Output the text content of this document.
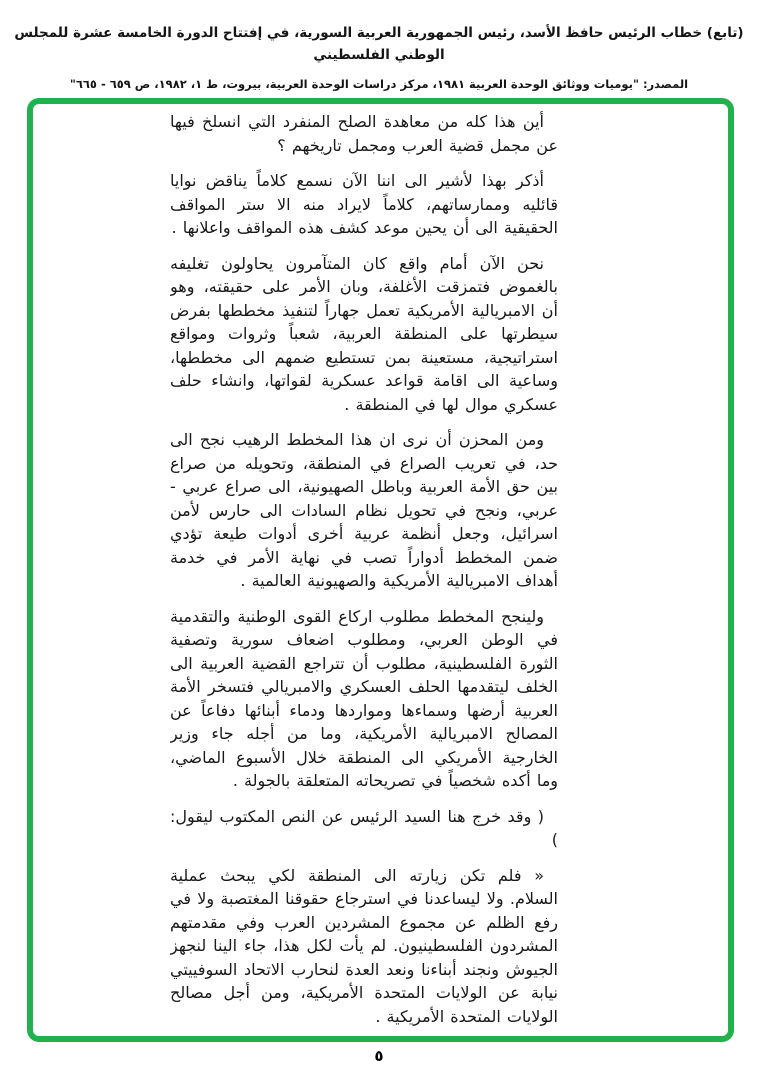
(تابع) خطاب الرئيس حافظ الأسد، رئيس الجمهورية العربية السورية، في إفتتاح الدورة الخامسة عشرة للمجلس الوطني الفلسطيني
المصدر: "يوميات ووثائق الوحدة العربية ١٩٨١، مركز دراسات الوحدة العربية، بيروت، ط ١، ١٩٨٢، ص ٦٥٩ - ٦٦٥"

أين هذا كله من معاهدة الصلح المنفرد التي انسلخ فيها عن مجمل قضية العرب ومجمل تاريخهم ؟

أذكر بهذا لأشير الى اننا الآن نسمع كلاماً يناقض نوايا قائليه وممارساتهم، كلاماً لايراد منه الا ستر المواقف الحقيقية الى أن يحين موعد كشف هذه المواقف واعلانها .

نحن الآن أمام واقع كان المتآمرون يحاولون تغليفه بالغموض فتمزقت الأغلفة، وبان الأمر على حقيقته، وهو أن الامبريالية الأمريكية تعمل جهاراً لتنفيذ مخططها بفرض سيطرتها على المنطقة العربية، شعباً وثروات ومواقع استراتيجية، مستعينة بمن تستطيع ضمهم الى مخططها، وساعية الى اقامة قواعد عسكرية لقواتها، وانشاء حلف عسكري موال لها في المنطقة .

ومن المحزن أن نرى ان هذا المخطط الرهيب نجح الى حد، في تعريب الصراع في المنطقة، وتحويله من صراع بين حق الأمة العربية وباطل الصهيونية، الى صراع عربي - عربي، ونجح في تحويل نظام السادات الى حارس لأمن اسرائيل، وجعل أنظمة عربية أخرى أدوات طيعة تؤدي ضمن المخطط أدواراً تصب في نهاية الأمر في خدمة أهداف الامبريالية الأمريكية والصهيونية العالمية .

ولينجح المخطط مطلوب اركاع القوى الوطنية والتقدمية في الوطن العربي، ومطلوب اضعاف سورية وتصفية الثورة الفلسطينية، مطلوب أن تتراجع القضية العربية الى الخلف ليتقدمها الحلف العسكري والامبريالي فتسخر الأمة العربية أرضها وسماءها ومواردها ودماء أبنائها دفاعاً عن المصالح الامبريالية الأمريكية، وما من أجله جاء وزير الخارجية الأمريكي الى المنطقة خلال الأسبوع الماضي، وما أكده شخصياً في تصريحاته المتعلقة بالجولة .

( وقد خرج هنا السيد الرئيس عن النص المكتوب ليقول: )

« فلم تكن زيارته الى المنطقة لكي يبحث عملية السلام. ولا ليساعدنا في استرجاع حقوقنا المغتصبة ولا في رفع الظلم عن مجموع المشردين العرب وفي مقدمتهم المشردون الفلسطينيون. لم يأت لكل هذا، جاء الينا لنجهز الجيوش ونجند أبناءنا ونعد العدة لنحارب الاتحاد السوفييتي نيابة عن الولايات المتحدة الأمريكية، ومن أجل مصالح الولايات المتحدة الأمريكية .

٥
